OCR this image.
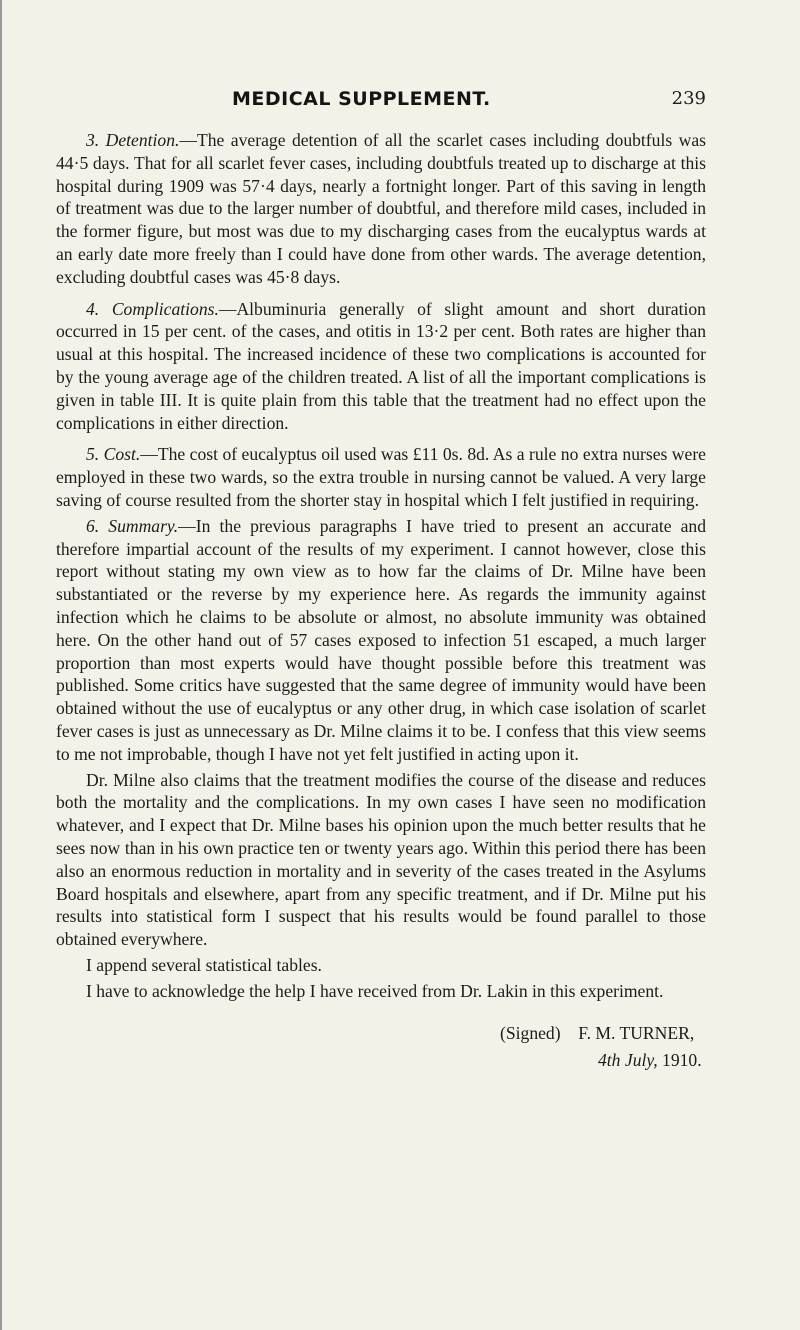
MEDICAL SUPPLEMENT.	239

3. Detention.—The average detention of all the scarlet cases including doubtfuls was 44·5 days. That for all scarlet fever cases, including doubtfuls treated up to discharge at this hospital during 1909 was 57·4 days, nearly a fortnight longer. Part of this saving in length of treatment was due to the larger number of doubtful, and therefore mild cases, included in the former figure, but most was due to my discharging cases from the eucalyptus wards at an early date more freely than I could have done from other wards. The average detention, excluding doubtful cases was 45·8 days.

4. Complications.—Albuminuria generally of slight amount and short duration occurred in 15 per cent. of the cases, and otitis in 13·2 per cent. Both rates are higher than usual at this hospital. The increased incidence of these two complications is accounted for by the young average age of the children treated. A list of all the important complications is given in table III. It is quite plain from this table that the treatment had no effect upon the complications in either direction.

5. Cost.—The cost of eucalyptus oil used was £11 0s. 8d. As a rule no extra nurses were employed in these two wards, so the extra trouble in nursing cannot be valued. A very large saving of course resulted from the shorter stay in hospital which I felt justified in requiring.

6. Summary.—In the previous paragraphs I have tried to present an accurate and therefore impartial account of the results of my experiment. I cannot however, close this report without stating my own view as to how far the claims of Dr. Milne have been substantiated or the reverse by my experience here. As regards the immunity against infection which he claims to be absolute or almost, no absolute immunity was obtained here. On the other hand out of 57 cases exposed to infection 51 escaped, a much larger proportion than most experts would have thought possible before this treatment was published. Some critics have suggested that the same degree of immunity would have been obtained without the use of eucalyptus or any other drug, in which case isolation of scarlet fever cases is just as unnecessary as Dr. Milne claims it to be. I confess that this view seems to me not improbable, though I have not yet felt justified in acting upon it.

Dr. Milne also claims that the treatment modifies the course of the disease and reduces both the mortality and the complications. In my own cases I have seen no modification whatever, and I expect that Dr. Milne bases his opinion upon the much better results that he sees now than in his own practice ten or twenty years ago. Within this period there has been also an enormous reduction in mortality and in severity of the cases treated in the Asylums Board hospitals and elsewhere, apart from any specific treatment, and if Dr. Milne put his results into statistical form I suspect that his results would be found parallel to those obtained everywhere.

I append several statistical tables.

I have to acknowledge the help I have received from Dr. Lakin in this experiment.

(Signed) F. M. TURNER,
4th July, 1910.
